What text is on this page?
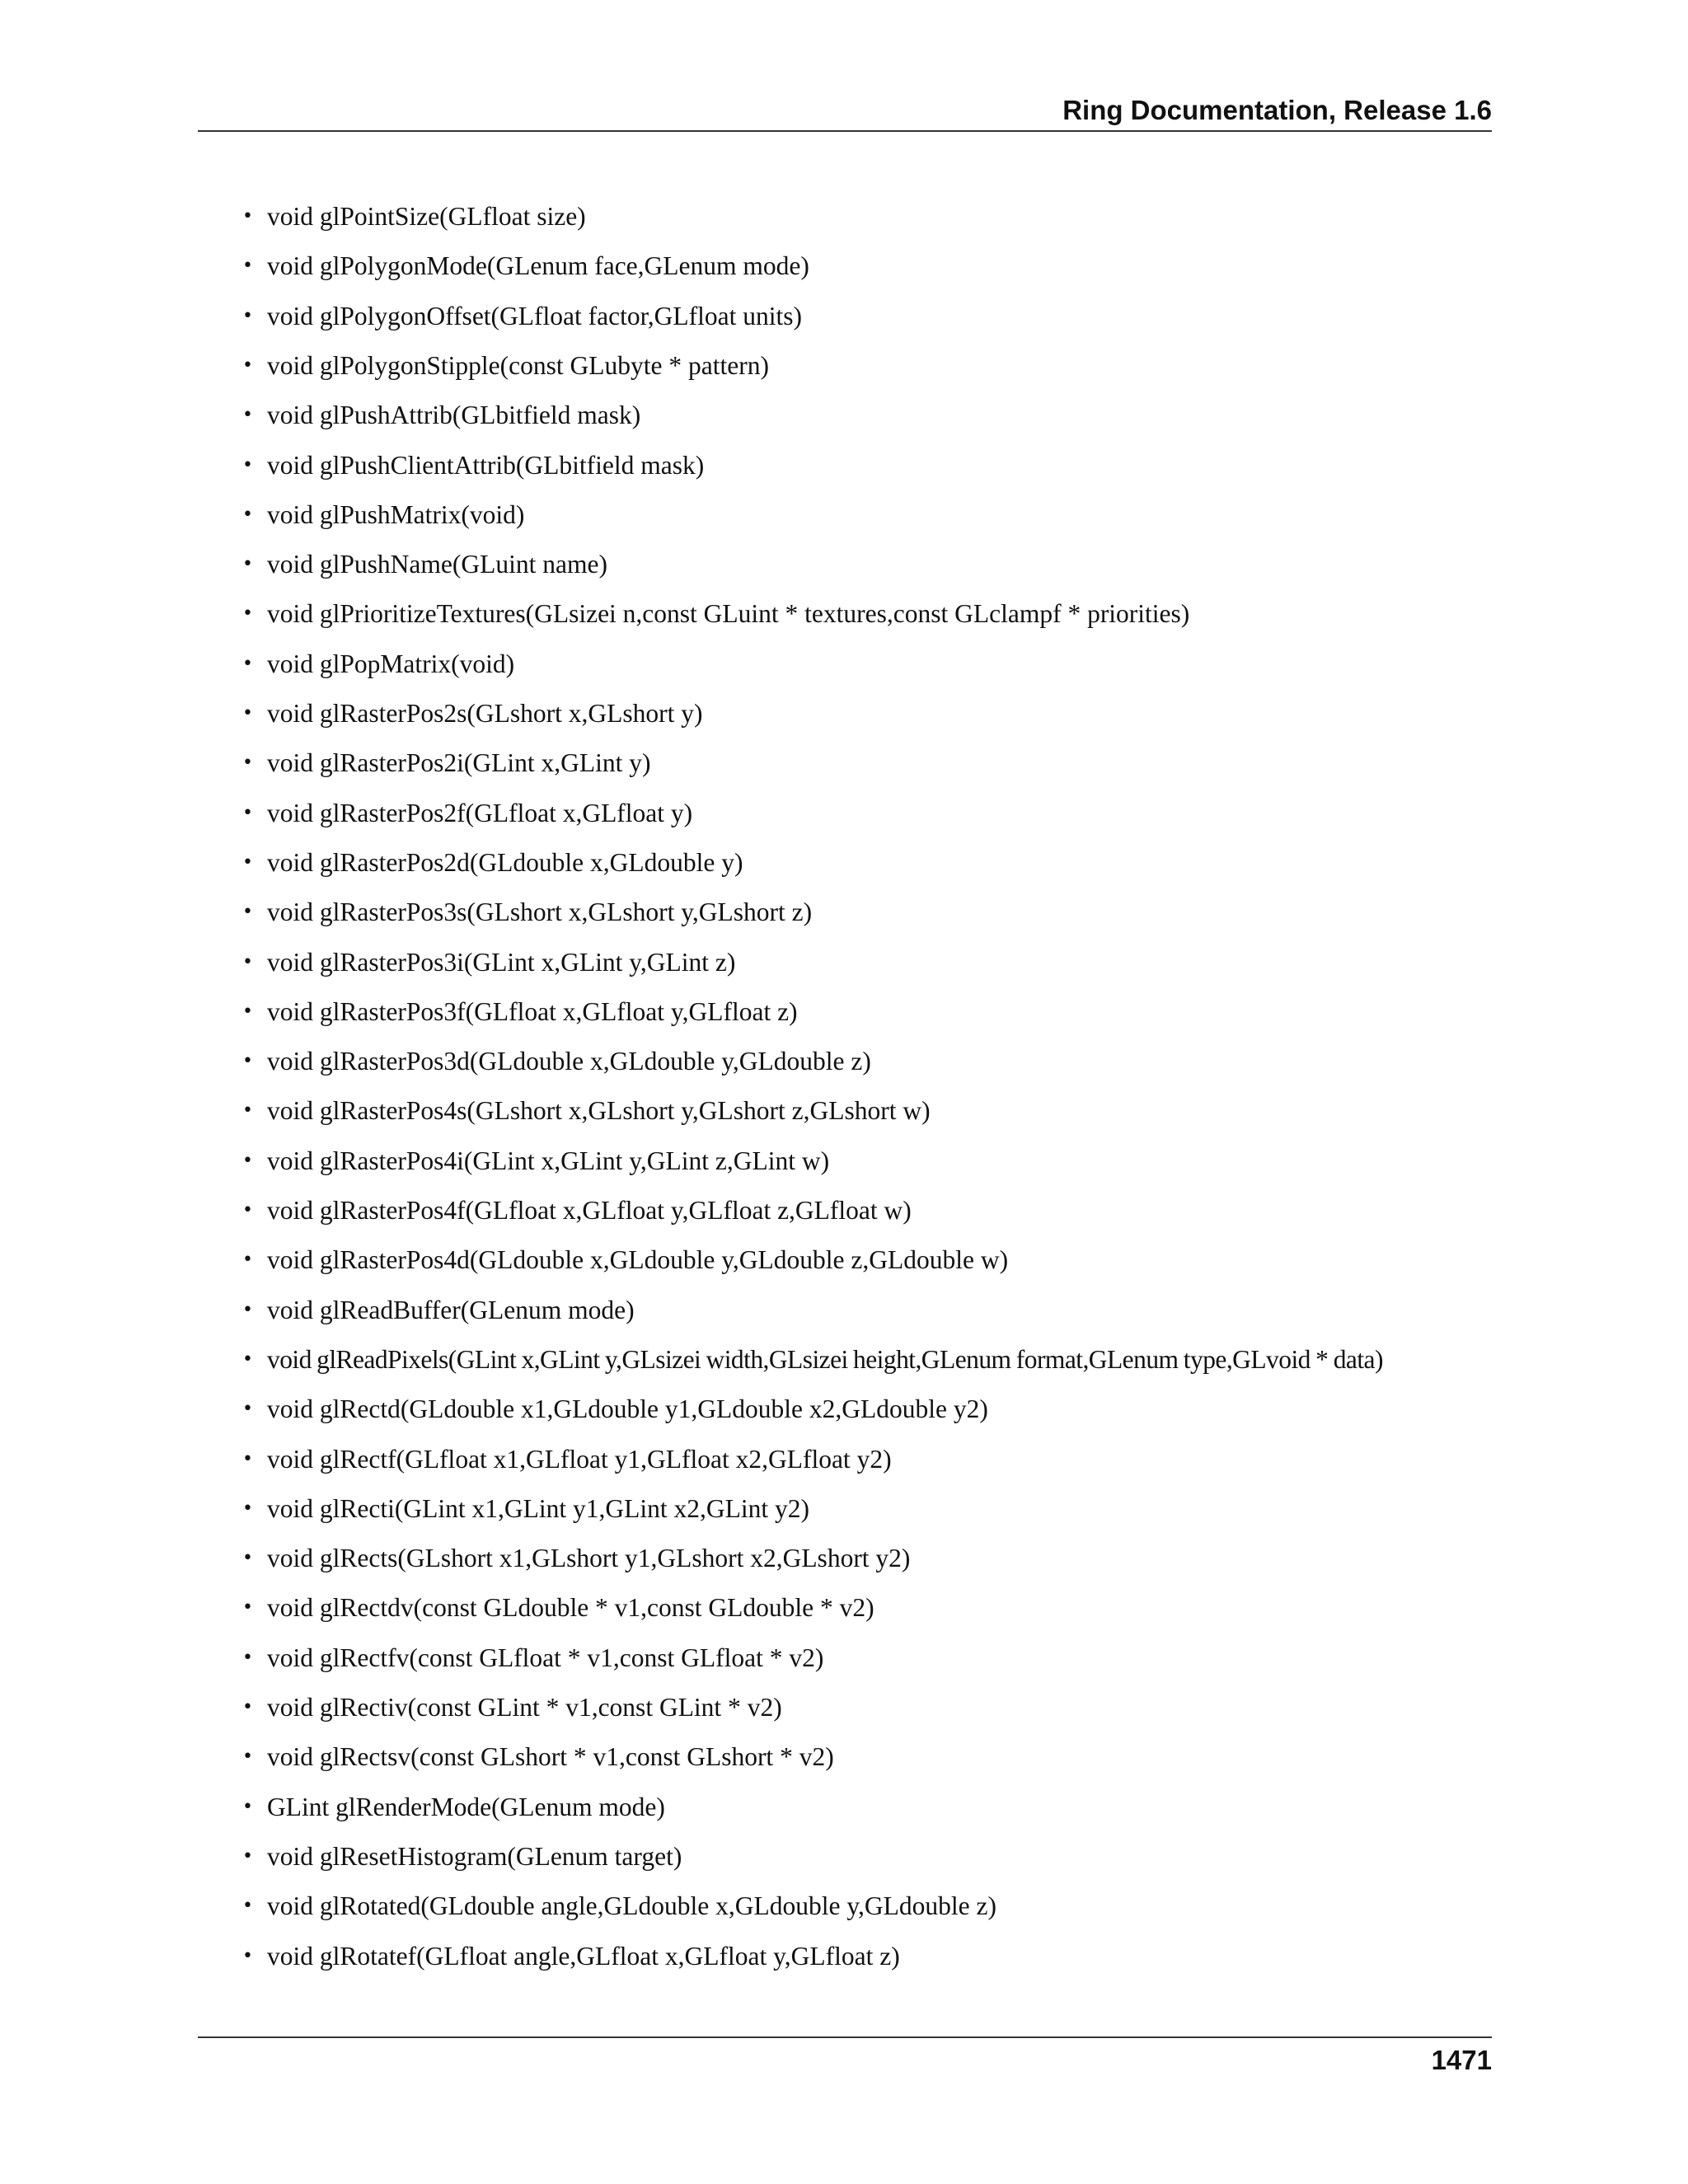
Ring Documentation, Release 1.6
• void glPointSize(GLfloat size)
• void glPolygonMode(GLenum face,GLenum mode)
• void glPolygonOffset(GLfloat factor,GLfloat units)
• void glPolygonStipple(const GLubyte * pattern)
• void glPushAttrib(GLbitfield mask)
• void glPushClientAttrib(GLbitfield mask)
• void glPushMatrix(void)
• void glPushName(GLuint name)
• void glPrioritizeTextures(GLsizei n,const GLuint * textures,const GLclampf * priorities)
• void glPopMatrix(void)
• void glRasterPos2s(GLshort x,GLshort y)
• void glRasterPos2i(GLint x,GLint y)
• void glRasterPos2f(GLfloat x,GLfloat y)
• void glRasterPos2d(GLdouble x,GLdouble y)
• void glRasterPos3s(GLshort x,GLshort y,GLshort z)
• void glRasterPos3i(GLint x,GLint y,GLint z)
• void glRasterPos3f(GLfloat x,GLfloat y,GLfloat z)
• void glRasterPos3d(GLdouble x,GLdouble y,GLdouble z)
• void glRasterPos4s(GLshort x,GLshort y,GLshort z,GLshort w)
• void glRasterPos4i(GLint x,GLint y,GLint z,GLint w)
• void glRasterPos4f(GLfloat x,GLfloat y,GLfloat z,GLfloat w)
• void glRasterPos4d(GLdouble x,GLdouble y,GLdouble z,GLdouble w)
• void glReadBuffer(GLenum mode)
• void glReadPixels(GLint x,GLint y,GLsizei width,GLsizei height,GLenum format,GLenum type,GLvoid * data)
• void glRectd(GLdouble x1,GLdouble y1,GLdouble x2,GLdouble y2)
• void glRectf(GLfloat x1,GLfloat y1,GLfloat x2,GLfloat y2)
• void glRecti(GLint x1,GLint y1,GLint x2,GLint y2)
• void glRects(GLshort x1,GLshort y1,GLshort x2,GLshort y2)
• void glRectdv(const GLdouble * v1,const GLdouble * v2)
• void glRectfv(const GLfloat * v1,const GLfloat * v2)
• void glRectiv(const GLint * v1,const GLint * v2)
• void glRectsv(const GLshort * v1,const GLshort * v2)
• GLint glRenderMode(GLenum mode)
• void glResetHistogram(GLenum target)
• void glRotated(GLdouble angle,GLdouble x,GLdouble y,GLdouble z)
• void glRotatef(GLfloat angle,GLfloat x,GLfloat y,GLfloat z)
1471
